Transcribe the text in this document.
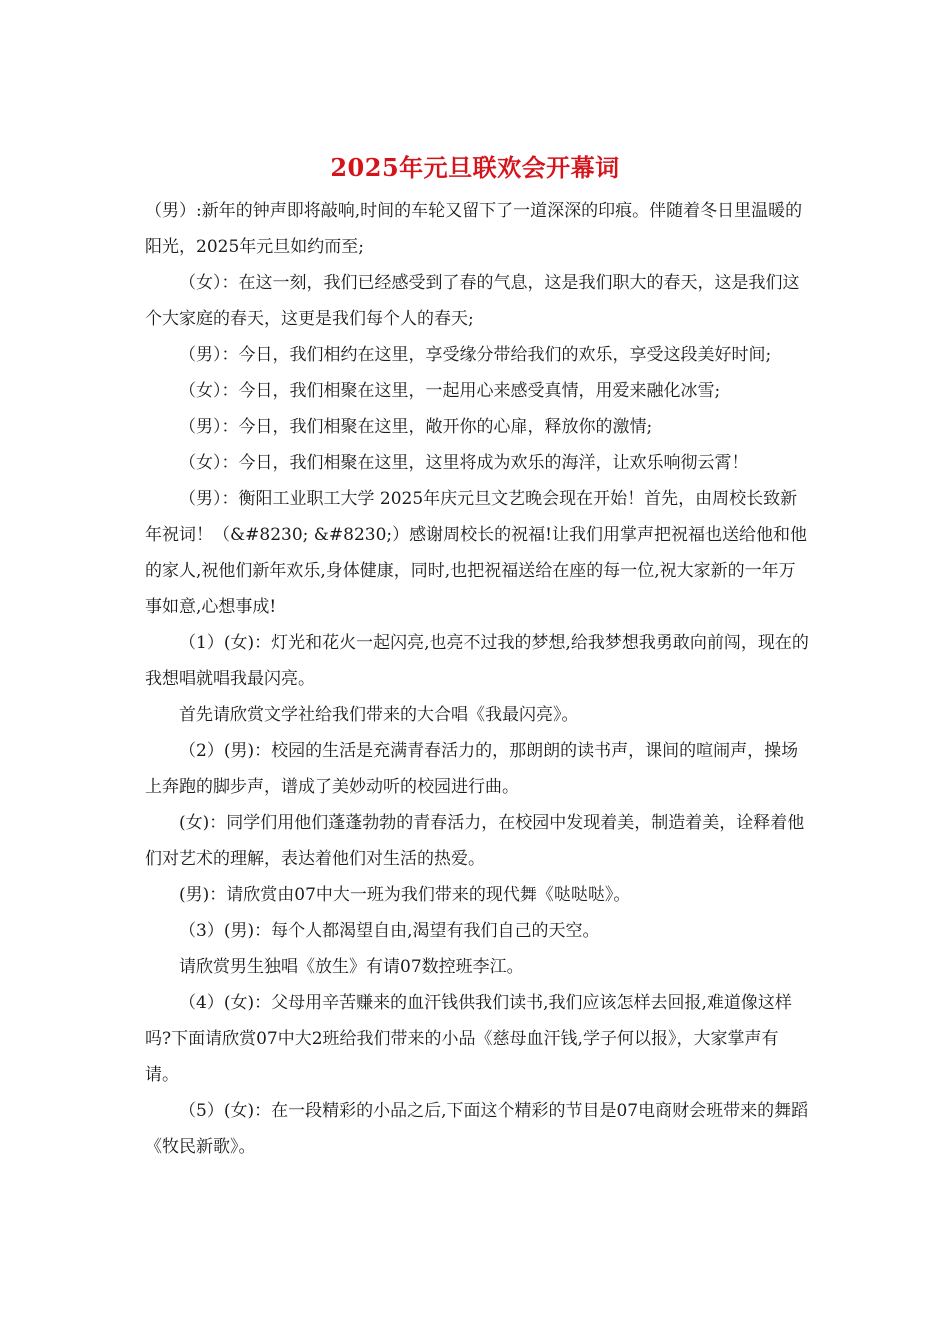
2025年元旦联欢会开幕词

（男）:新年的钟声即将敲响,时间的车轮又留下了一道深深的印痕。伴随着冬日里温暖的阳光，2025年元旦如约而至;

（女）：在这一刻，我们已经感受到了春的气息，这是我们职大的春天，这是我们这个大家庭的春天，这更是我们每个人的春天;

（男）：今日，我们相约在这里，享受缘分带给我们的欢乐，享受这段美好时间;

（女）：今日，我们相聚在这里，一起用心来感受真情，用爱来融化冰雪;

（男）：今日，我们相聚在这里，敞开你的心扉，释放你的激情;

（女）：今日，我们相聚在这里，这里将成为欢乐的海洋，让欢乐响彻云霄！

（男）：衡阳工业职工大学 2025年庆元旦文艺晚会现在开始！首先，由周校长致新年祝词！（&#8230; &#8230;）感谢周校长的祝福!让我们用掌声把祝福也送给他和他的家人,祝他们新年欢乐,身体健康，同时,也把祝福送给在座的每一位,祝大家新的一年万事如意,心想事成!

（1）(女)：灯光和花火一起闪亮,也亮不过我的梦想,给我梦想我勇敢向前闯，现在的我想唱就唱我最闪亮。

首先请欣赏文学社给我们带来的大合唱《我最闪亮》。

（2）(男)：校园的生活是充满青春活力的，那朗朗的读书声，课间的喧闹声，操场上奔跑的脚步声，谱成了美妙动听的校园进行曲。

(女)：同学们用他们蓬蓬勃勃的青春活力，在校园中发现着美，制造着美，诠释着他们对艺术的理解，表达着他们对生活的热爱。

(男)：请欣赏由07中大一班为我们带来的现代舞《哒哒哒》。

（3）(男)：每个人都渴望自由,渴望有我们自己的天空。

请欣赏男生独唱《放生》有请07数控班李江。

（4）(女)：父母用辛苦赚来的血汗钱供我们读书,我们应该怎样去回报,难道像这样吗?下面请欣赏07中大2班给我们带来的小品《慈母血汗钱,学子何以报》，大家掌声有请。

（5）(女)：在一段精彩的小品之后,下面这个精彩的节目是07电商财会班带来的舞蹈《牧民新歌》。
